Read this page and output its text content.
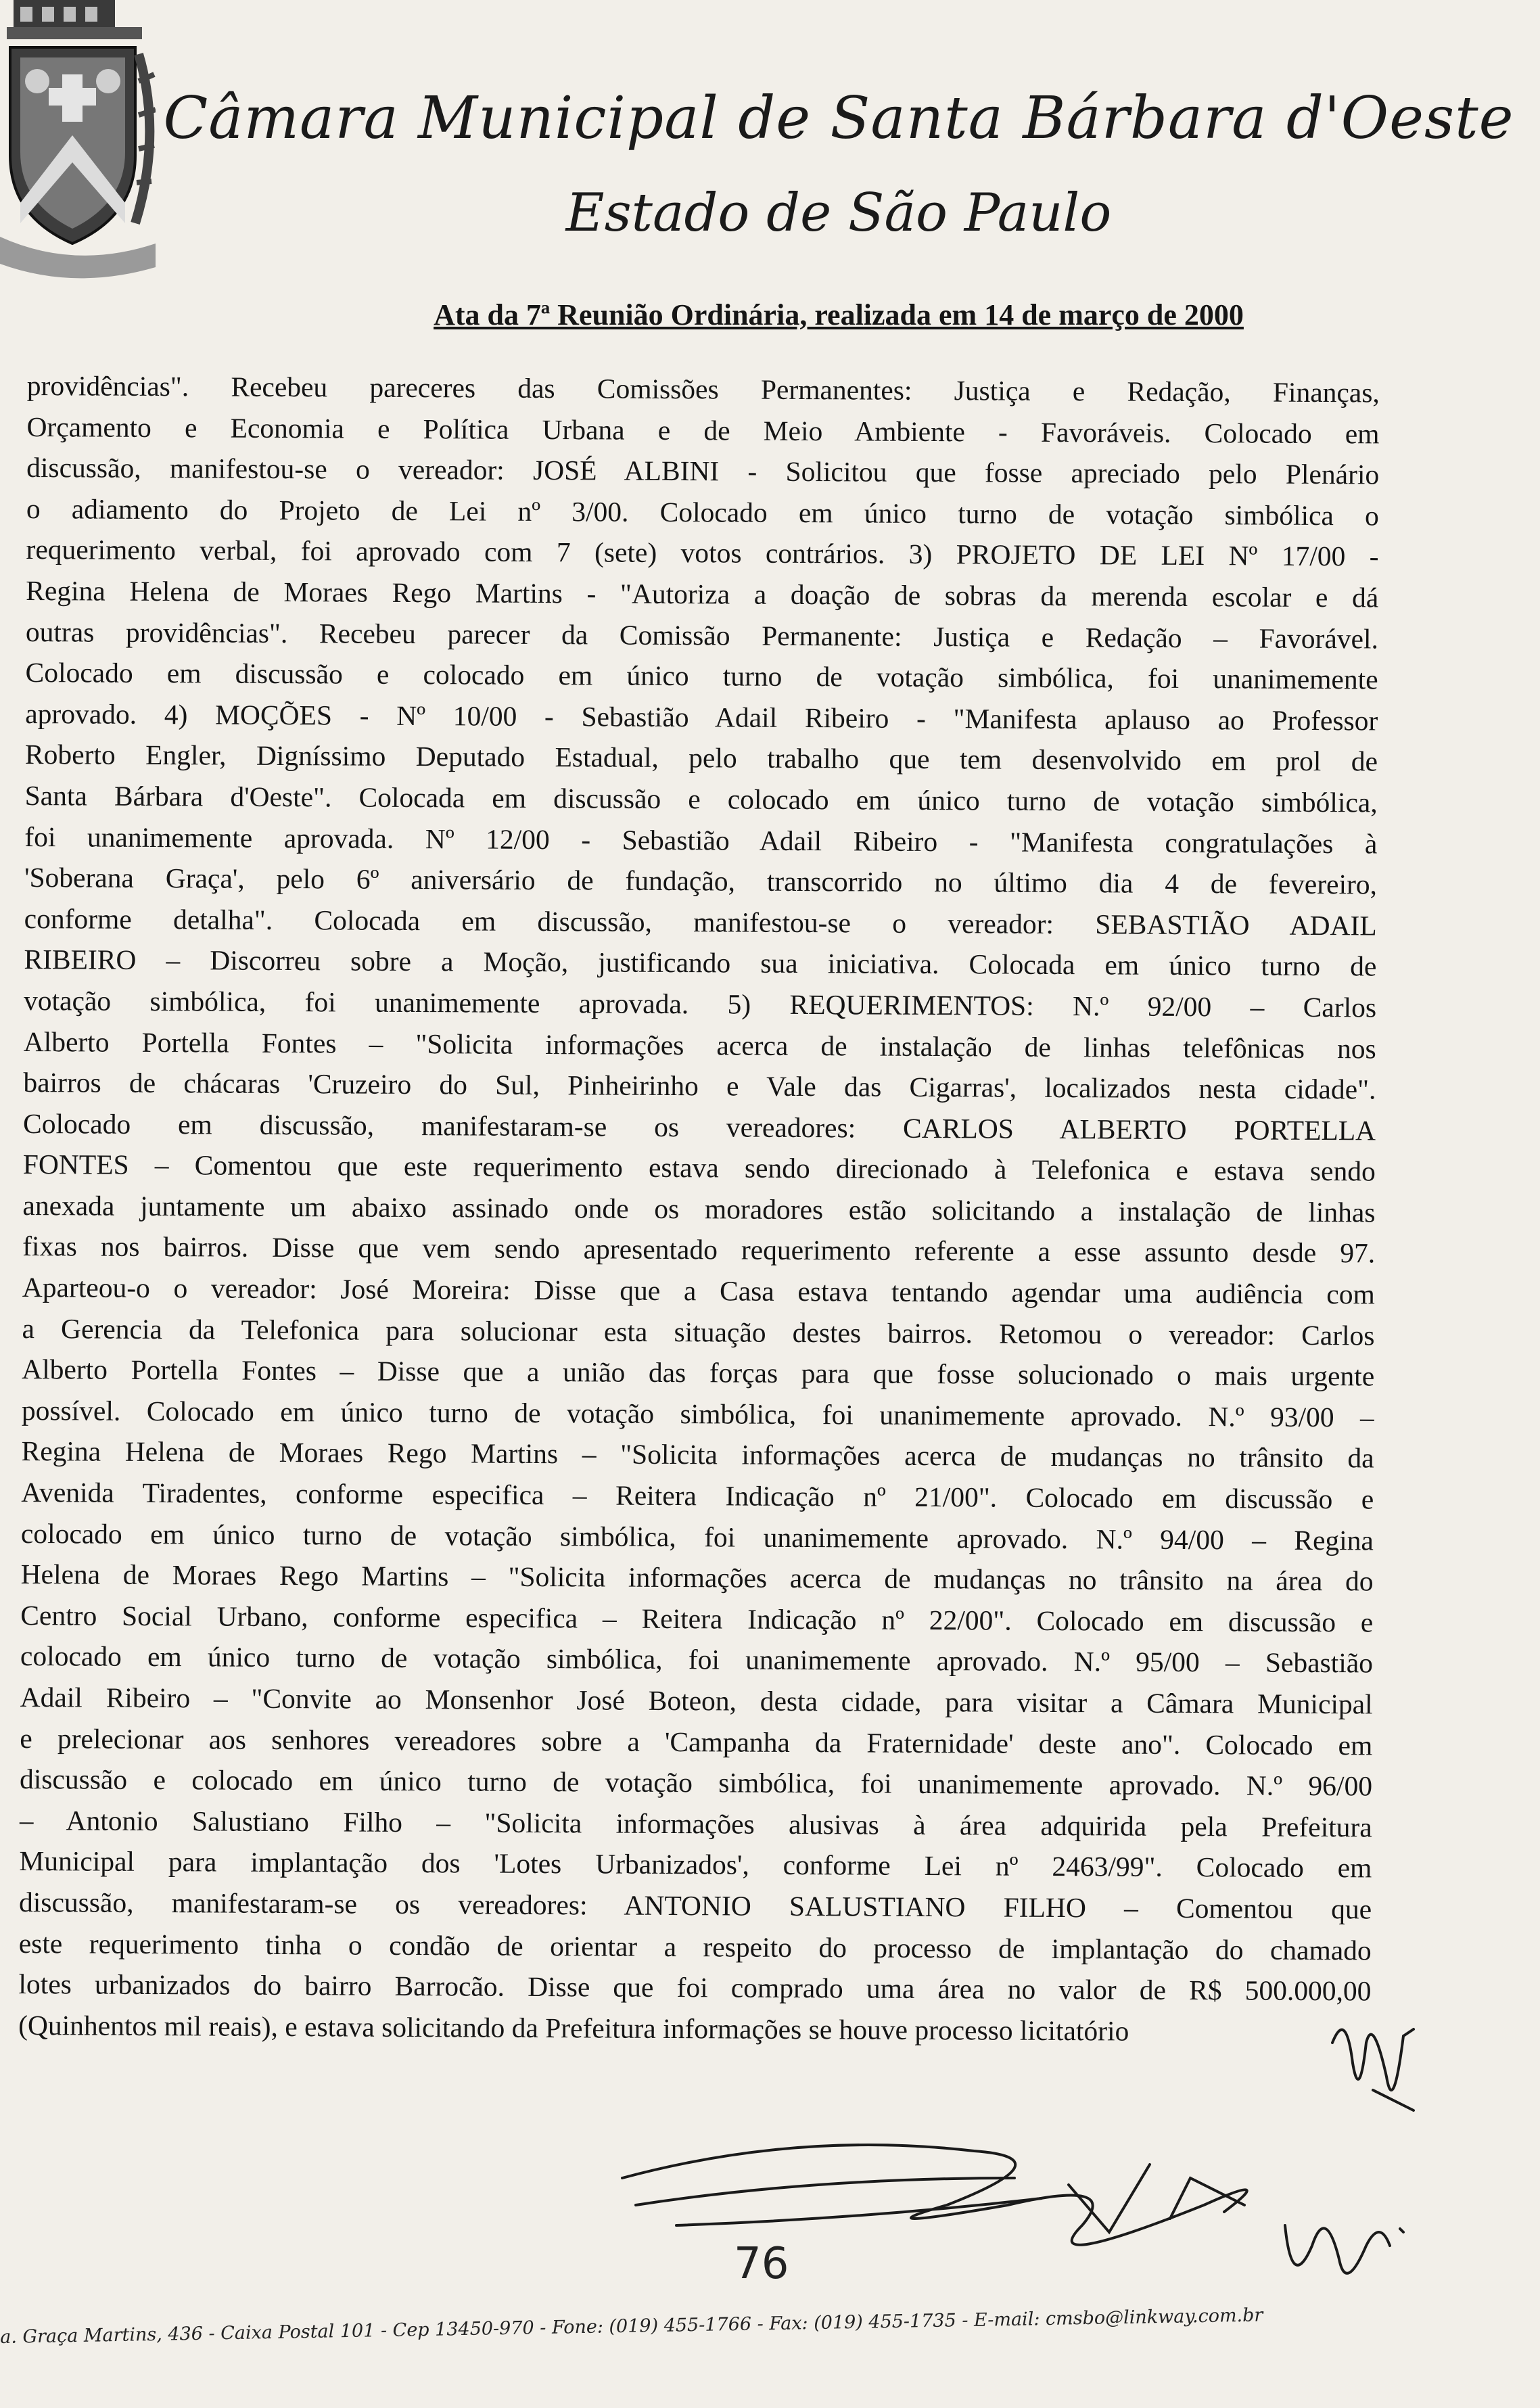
Câmara Municipal de Santa Bárbara d'Oeste
Estado de São Paulo
Ata da 7ª Reunião Ordinária, realizada em 14 de março de 2000
providências". Recebeu pareceres das Comissões Permanentes: Justiça e Redação, Finanças,
Orçamento e Economia e Política Urbana e de Meio Ambiente - Favoráveis. Colocado em
discussão, manifestou-se o vereador: JOSÉ ALBINI - Solicitou que fosse apreciado pelo Plenário
o adiamento do Projeto de Lei nº 3/00. Colocado em único turno de votação simbólica o
requerimento verbal, foi aprovado com 7 (sete) votos contrários. 3) PROJETO DE LEI Nº 17/00 -
Regina Helena de Moraes Rego Martins - "Autoriza a doação de sobras da merenda escolar e dá
outras providências". Recebeu parecer da Comissão Permanente: Justiça e Redação – Favorável.
Colocado em discussão e colocado em único turno de votação simbólica, foi unanimemente
aprovado. 4) MOÇÕES - Nº 10/00 - Sebastião Adail Ribeiro - "Manifesta aplauso ao Professor
Roberto Engler, Digníssimo Deputado Estadual, pelo trabalho que tem desenvolvido em prol de
Santa Bárbara d'Oeste". Colocada em discussão e colocado em único turno de votação simbólica,
foi unanimemente aprovada. Nº 12/00 - Sebastião Adail Ribeiro - "Manifesta congratulações à
'Soberana Graça', pelo 6º aniversário de fundação, transcorrido no último dia 4 de fevereiro,
conforme detalha". Colocada em discussão, manifestou-se o vereador: SEBASTIÃO ADAIL
RIBEIRO – Discorreu sobre a Moção, justificando sua iniciativa. Colocada em único turno de
votação simbólica, foi unanimemente aprovada. 5) REQUERIMENTOS: N.º 92/00 – Carlos
Alberto Portella Fontes – "Solicita informações acerca de instalação de linhas telefônicas nos
bairros de chácaras 'Cruzeiro do Sul, Pinheirinho e Vale das Cigarras', localizados nesta cidade".
Colocado em discussão, manifestaram-se os vereadores: CARLOS ALBERTO PORTELLA
FONTES – Comentou que este requerimento estava sendo direcionado à Telefonica e estava sendo
anexada juntamente um abaixo assinado onde os moradores estão solicitando a instalação de linhas
fixas nos bairros. Disse que vem sendo apresentado requerimento referente a esse assunto desde 97.
Aparteou-o o vereador: José Moreira: Disse que a Casa estava tentando agendar uma audiência com
a Gerencia da Telefonica para solucionar esta situação destes bairros. Retomou o vereador: Carlos
Alberto Portella Fontes – Disse que a união das forças para que fosse solucionado o mais urgente
possível. Colocado em único turno de votação simbólica, foi unanimemente aprovado. N.º 93/00 –
Regina Helena de Moraes Rego Martins – "Solicita informações acerca de mudanças no trânsito da
Avenida Tiradentes, conforme especifica – Reitera Indicação nº 21/00". Colocado em discussão e
colocado em único turno de votação simbólica, foi unanimemente aprovado. N.º 94/00 – Regina
Helena de Moraes Rego Martins – "Solicita informações acerca de mudanças no trânsito na área do
Centro Social Urbano, conforme especifica – Reitera Indicação nº 22/00". Colocado em discussão e
colocado em único turno de votação simbólica, foi unanimemente aprovado. N.º 95/00 – Sebastião
Adail Ribeiro – "Convite ao Monsenhor José Boteon, desta cidade, para visitar a Câmara Municipal
e prelecionar aos senhores vereadores sobre a 'Campanha da Fraternidade' deste ano". Colocado em
discussão e colocado em único turno de votação simbólica, foi unanimemente aprovado. N.º 96/00
– Antonio Salustiano Filho – "Solicita informações alusivas à área adquirida pela Prefeitura
Municipal para implantação dos 'Lotes Urbanizados', conforme Lei nº 2463/99". Colocado em
discussão, manifestaram-se os vereadores: ANTONIO SALUSTIANO FILHO – Comentou que
este requerimento tinha o condão de orientar a respeito do processo de implantação do chamado
lotes urbanizados do bairro Barrocão. Disse que foi comprado uma área no valor de R$ 500.000,00
(Quinhentos mil reais), e estava solicitando da Prefeitura informações se houve processo licitatório
76
a. Graça Martins, 436 - Caixa Postal 101 - Cep 13450-970 - Fone: (019) 455-1766 - Fax: (019) 455-1735 - E-mail: cmsbo@linkway.com.br
